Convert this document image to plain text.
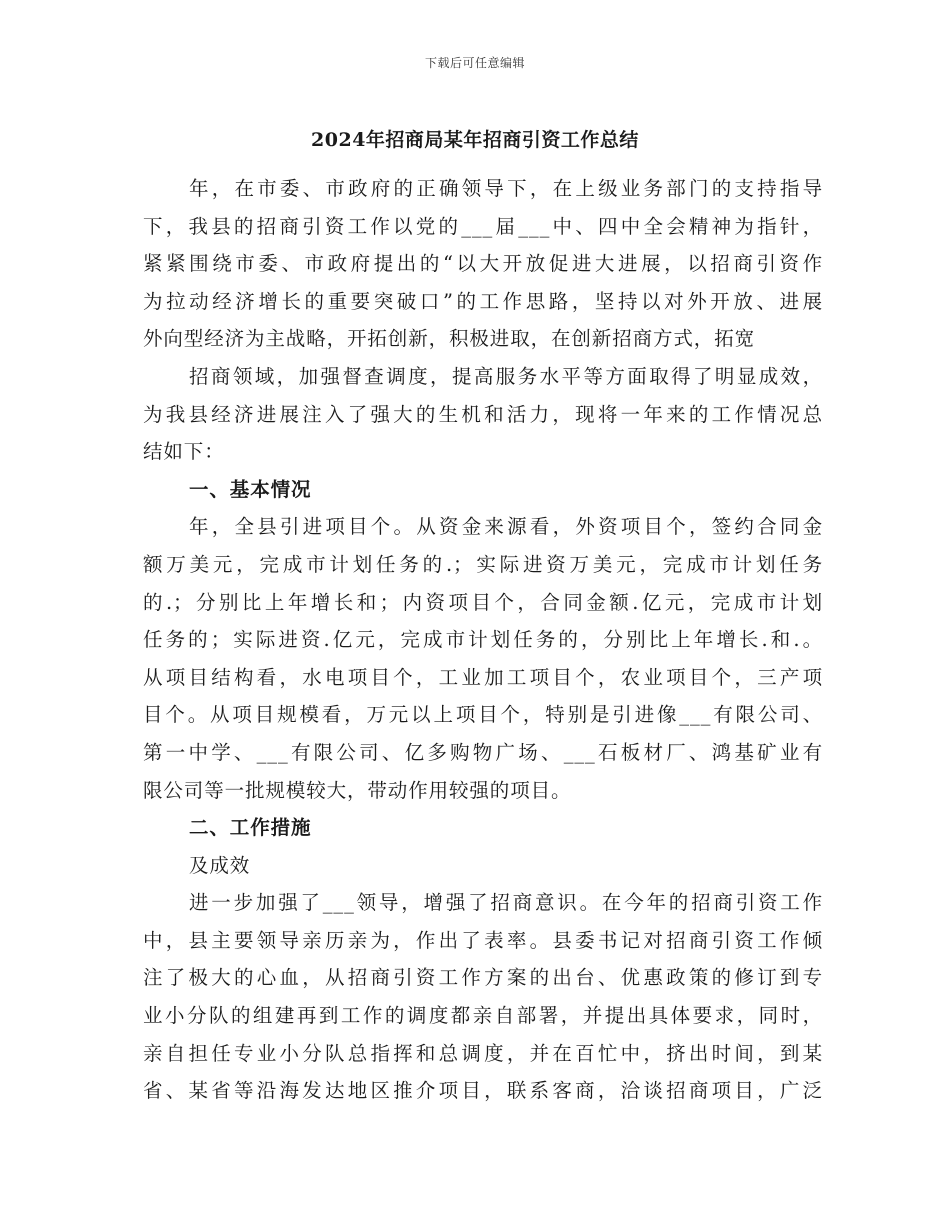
下载后可任意编辑
2024年招商局某年招商引资工作总结
年，在市委、市政府的正确领导下，在上级业务部门的支持指导
下，我县的招商引资工作以党的___届___中、四中全会精神为指针，
紧紧围绕市委、市政府提出的“以大开放促进大进展，以招商引资作
为拉动经济增长的重要突破口”的工作思路，坚持以对外开放、进展
外向型经济为主战略，开拓创新，积极进取，在创新招商方式，拓宽
招商领域，加强督查调度，提高服务水平等方面取得了明显成效，
为我县经济进展注入了强大的生机和活力，现将一年来的工作情况总
结如下：
一、基本情况
年，全县引进项目个。从资金来源看，外资项目个，签约合同金
额万美元，完成市计划任务的.；实际进资万美元，完成市计划任务
的.；分别比上年增长和；内资项目个，合同金额.亿元，完成市计划
任务的；实际进资.亿元，完成市计划任务的，分别比上年增长.和.。
从项目结构看，水电项目个，工业加工项目个，农业项目个，三产项
目个。从项目规模看，万元以上项目个，特别是引进像___有限公司、
第一中学、___有限公司、亿多购物广场、___石板材厂、鸿基矿业有
限公司等一批规模较大，带动作用较强的项目。
二、工作措施
及成效
进一步加强了___领导，增强了招商意识。在今年的招商引资工作
中，县主要领导亲历亲为，作出了表率。县委书记对招商引资工作倾
注了极大的心血，从招商引资工作方案的出台、优惠政策的修订到专
业小分队的组建再到工作的调度都亲自部署，并提出具体要求，同时，
亲自担任专业小分队总指挥和总调度，并在百忙中，挤出时间，到某
省、某省等沿海发达地区推介项目，联系客商，洽谈招商项目，广泛
